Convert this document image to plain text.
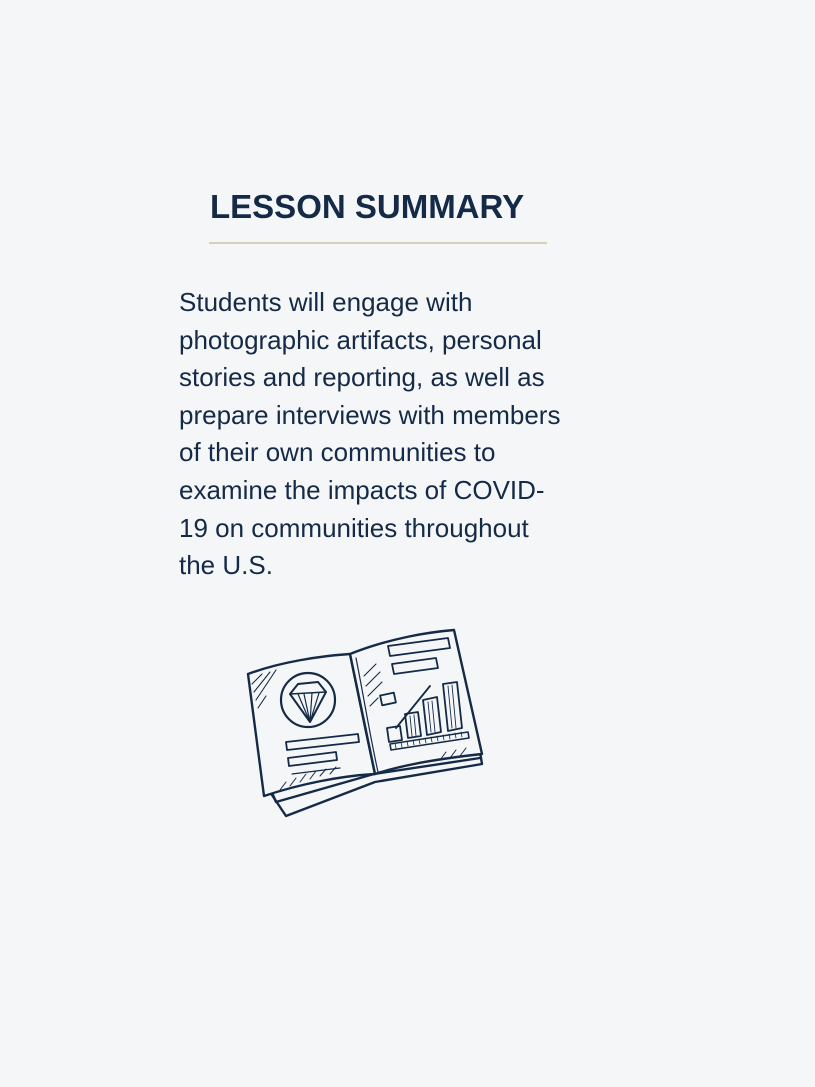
LESSON SUMMARY

Students will engage with
photographic artifacts, personal
stories and reporting, as well as
prepare interviews with members
of their own communities to
examine the impacts of COVID-
19 on communities throughout
the U.S.
